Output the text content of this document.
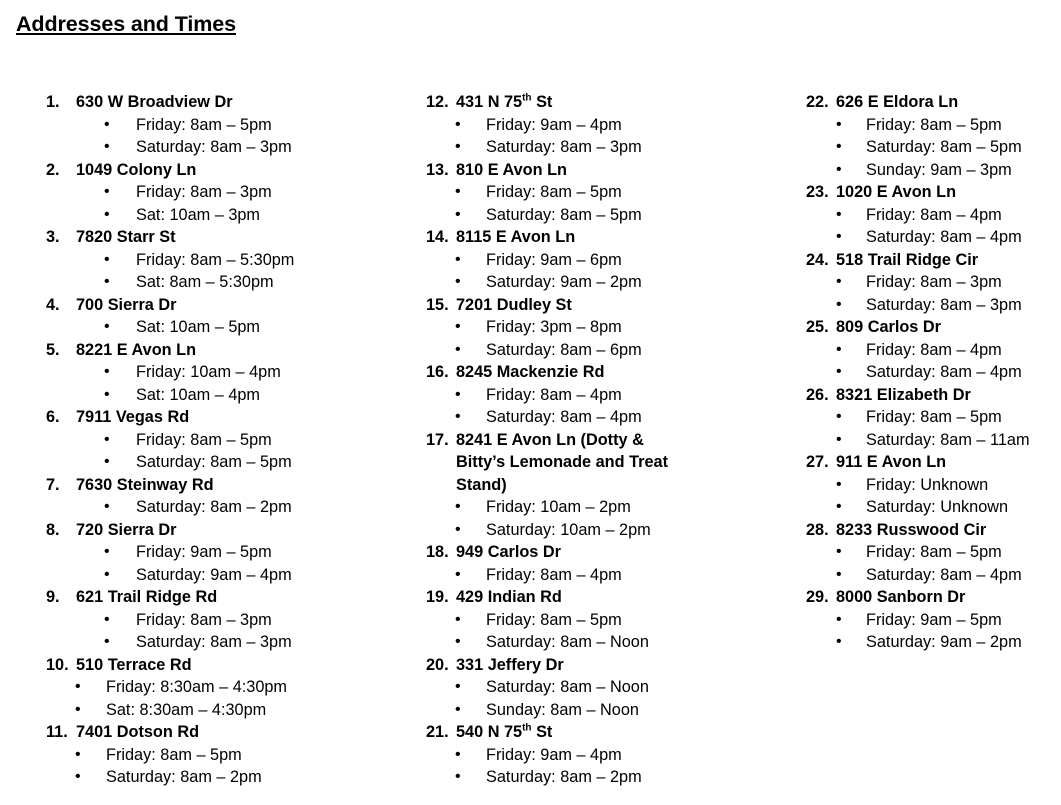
Addresses and Times
1. 630 W Broadview Dr
• Friday: 8am – 5pm
• Saturday: 8am – 3pm
2. 1049 Colony Ln
• Friday: 8am – 3pm
• Sat: 10am – 3pm
3. 7820 Starr St
• Friday: 8am – 5:30pm
• Sat: 8am – 5:30pm
4. 700 Sierra Dr
• Sat: 10am – 5pm
5. 8221 E Avon Ln
• Friday: 10am – 4pm
• Sat: 10am – 4pm
6. 7911 Vegas Rd
• Friday: 8am – 5pm
• Saturday: 8am – 5pm
7. 7630 Steinway Rd
• Saturday: 8am – 2pm
8. 720 Sierra Dr
• Friday: 9am – 5pm
• Saturday: 9am – 4pm
9. 621 Trail Ridge Rd
• Friday: 8am – 3pm
• Saturday: 8am – 3pm
10. 510 Terrace Rd
• Friday: 8:30am – 4:30pm
• Sat: 8:30am – 4:30pm
11. 7401 Dotson Rd
• Friday: 8am – 5pm
• Saturday: 8am – 2pm
12. 431 N 75th St
• Friday: 9am – 4pm
• Saturday: 8am – 3pm
13. 810 E Avon Ln
• Friday: 8am – 5pm
• Saturday: 8am – 5pm
14. 8115 E Avon Ln
• Friday: 9am – 6pm
• Saturday: 9am – 2pm
15. 7201 Dudley St
• Friday: 3pm – 8pm
• Saturday: 8am – 6pm
16. 8245 Mackenzie Rd
• Friday: 8am – 4pm
• Saturday: 8am – 4pm
17. 8241 E Avon Ln (Dotty &
Bitty’s Lemonade and Treat
Stand)
• Friday: 10am – 2pm
• Saturday: 10am – 2pm
18. 949 Carlos Dr
• Friday: 8am – 4pm
19. 429 Indian Rd
• Friday: 8am – 5pm
• Saturday: 8am – Noon
20. 331 Jeffery Dr
• Saturday: 8am – Noon
• Sunday: 8am – Noon
21. 540 N 75th St
• Friday: 9am – 4pm
• Saturday: 8am – 2pm
22. 626 E Eldora Ln
• Friday: 8am – 5pm
• Saturday: 8am – 5pm
• Sunday: 9am – 3pm
23. 1020 E Avon Ln
• Friday: 8am – 4pm
• Saturday: 8am – 4pm
24. 518 Trail Ridge Cir
• Friday: 8am – 3pm
• Saturday: 8am – 3pm
25. 809 Carlos Dr
• Friday: 8am – 4pm
• Saturday: 8am – 4pm
26. 8321 Elizabeth Dr
• Friday: 8am – 5pm
• Saturday: 8am – 11am
27. 911 E Avon Ln
• Friday: Unknown
• Saturday: Unknown
28. 8233 Russwood Cir
• Friday: 8am – 5pm
• Saturday: 8am – 4pm
29. 8000 Sanborn Dr
• Friday: 9am – 5pm
• Saturday: 9am – 2pm
